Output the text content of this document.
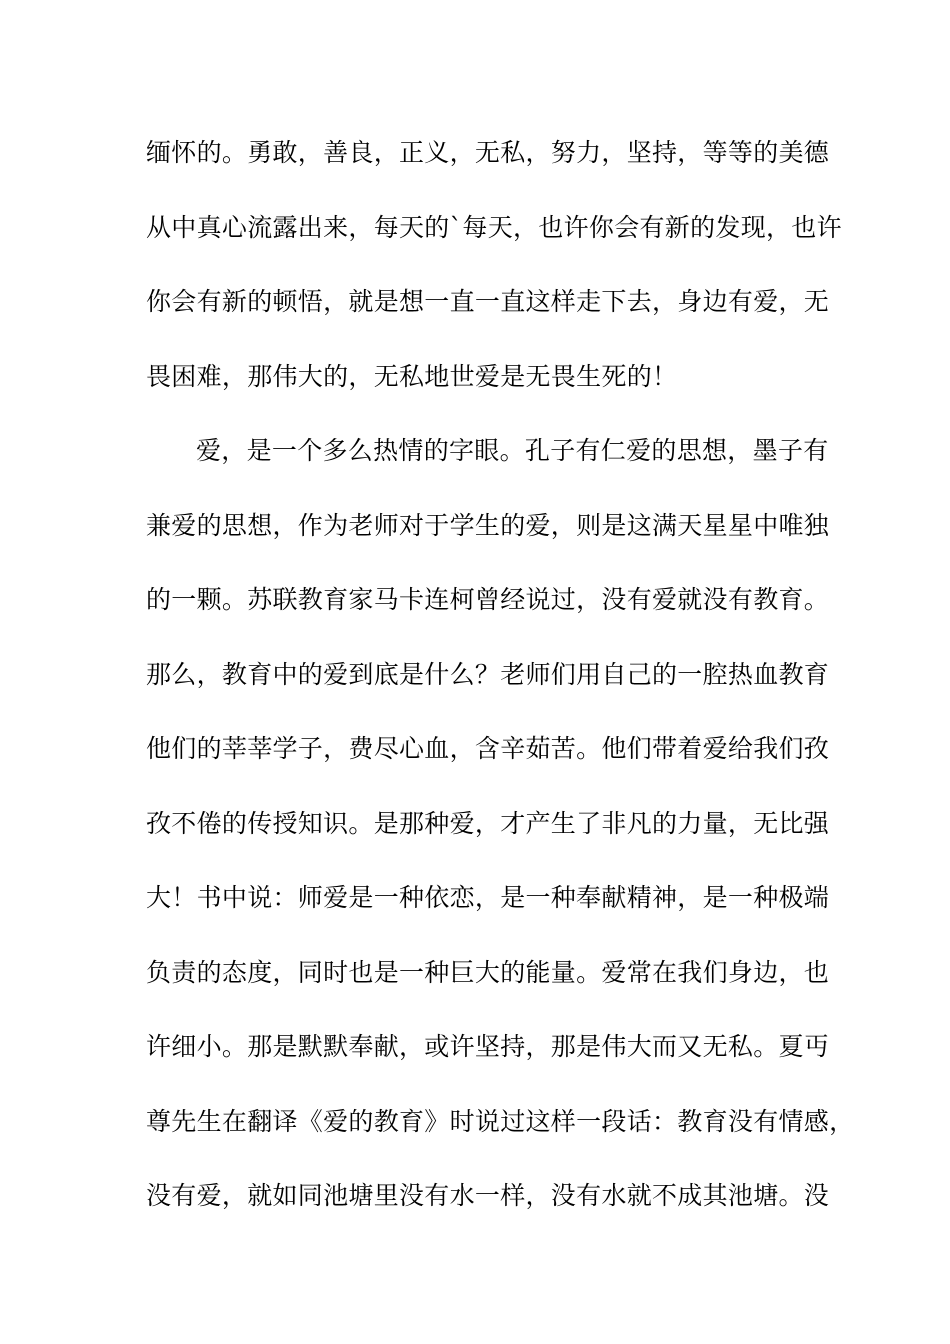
缅怀的。勇敢，善良，正义，无私，努力，坚持，等等的美德
从中真心流露出来，每天的`每天，也许你会有新的发现，也许
你会有新的顿悟，就是想一直一直这样走下去，身边有爱，无
畏困难，那伟大的，无私地世爱是无畏生死的！
爱，是一个多么热情的字眼。孔子有仁爱的思想，墨子有
兼爱的思想，作为老师对于学生的爱，则是这满天星星中唯独
的一颗。苏联教育家马卡连柯曾经说过，没有爱就没有教育。
那么，教育中的爱到底是什么？老师们用自己的一腔热血教育
他们的莘莘学子，费尽心血，含辛茹苦。他们带着爱给我们孜
孜不倦的传授知识。是那种爱，才产生了非凡的力量，无比强
大！书中说：师爱是一种依恋，是一种奉献精神，是一种极端
负责的态度，同时也是一种巨大的能量。爱常在我们身边，也
许细小。那是默默奉献，或许坚持，那是伟大而又无私。夏丏
尊先生在翻译《爱的教育》时说过这样一段话：教育没有情感，
没有爱，就如同池塘里没有水一样，没有水就不成其池塘。没
